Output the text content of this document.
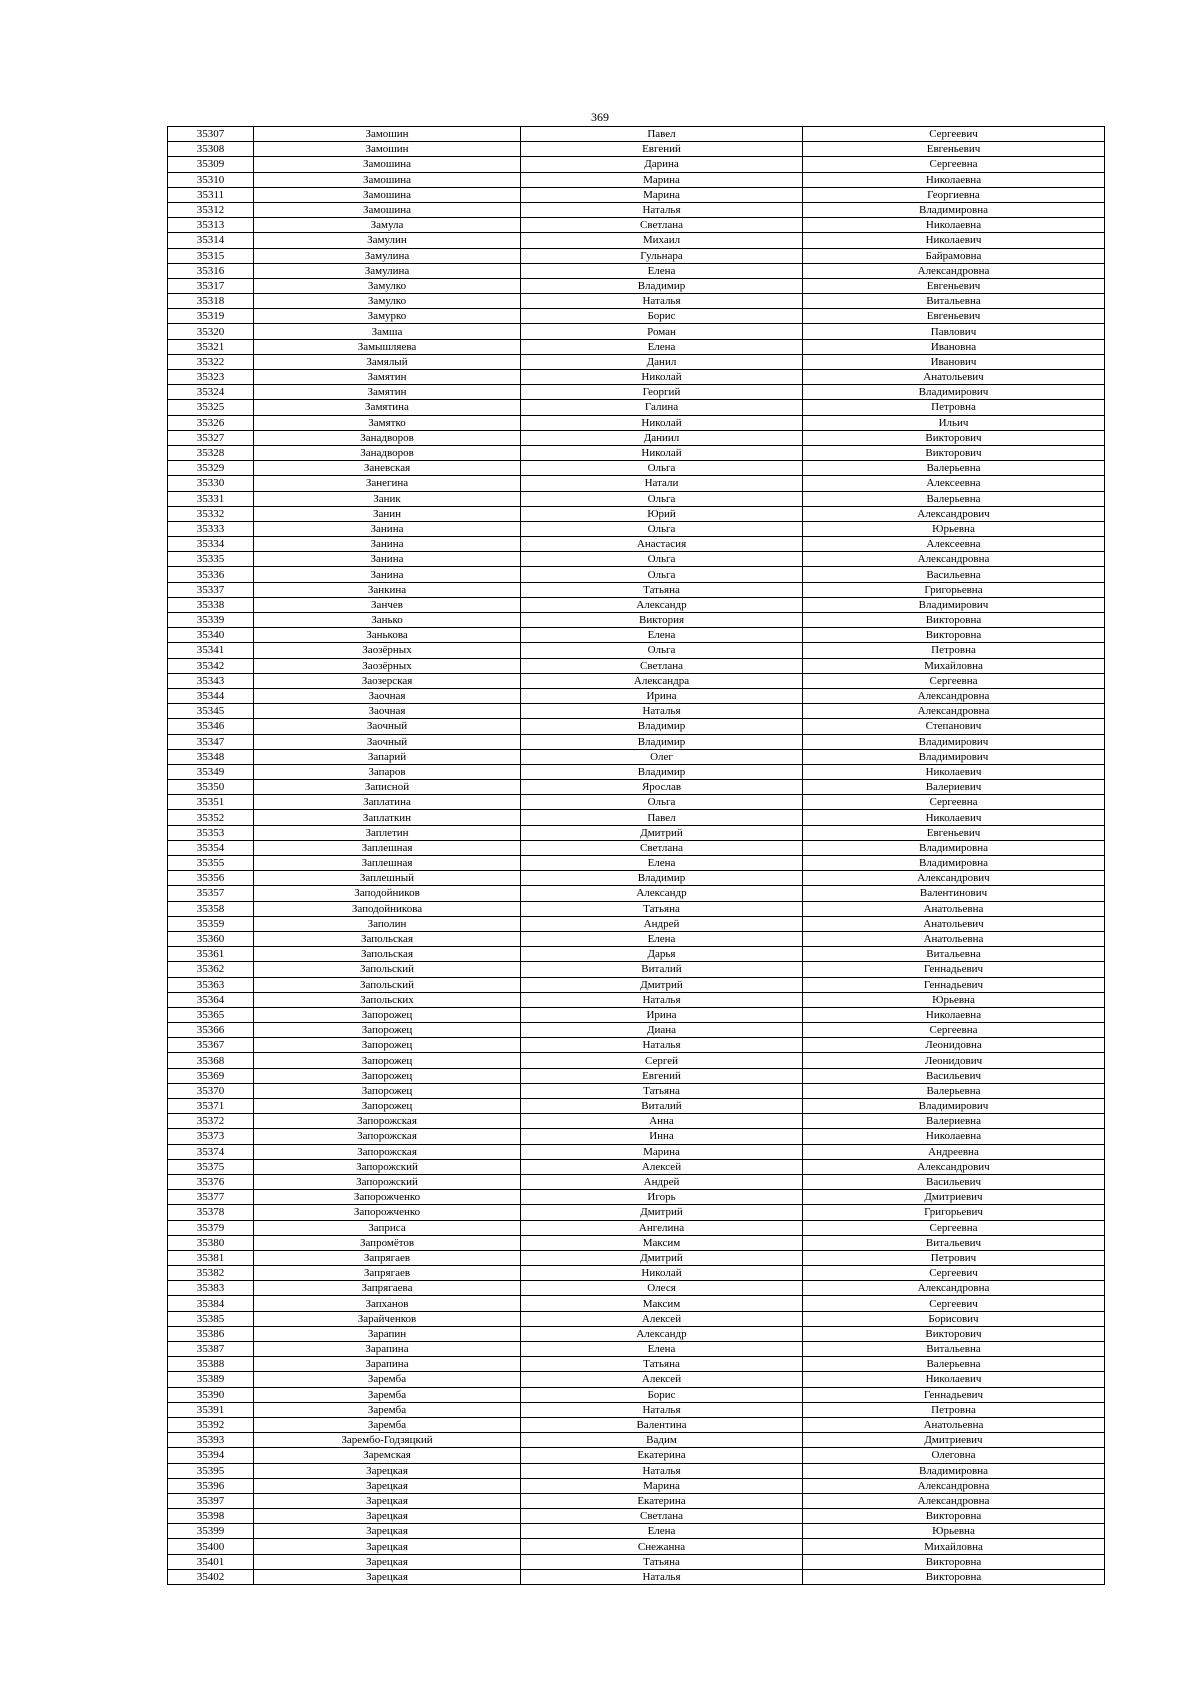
369
35307	Замошин	Павел	Сергеевич
35308	Замошин	Евгений	Евгеньевич
35309	Замошина	Дарина	Сергеевна
35310	Замошина	Марина	Николаевна
35311	Замошина	Марина	Георгиевна
35312	Замошина	Наталья	Владимировна
35313	Замула	Светлана	Николаевна
35314	Замулин	Михаил	Николаевич
35315	Замулина	Гульнара	Байрамовна
35316	Замулина	Елена	Александровна
35317	Замулко	Владимир	Евгеньевич
35318	Замулко	Наталья	Витальевна
35319	Замурко	Борис	Евгеньевич
35320	Замша	Роман	Павлович
35321	Замышляева	Елена	Ивановна
35322	Замялый	Данил	Иванович
35323	Замятин	Николай	Анатольевич
35324	Замятин	Георгий	Владимирович
35325	Замятина	Галина	Петровна
35326	Замятко	Николай	Ильич
35327	Занадворов	Даниил	Викторович
35328	Занадворов	Николай	Викторович
35329	Заневская	Ольга	Валерьевна
35330	Занегина	Натали	Алексеевна
35331	Заник	Ольга	Валерьевна
35332	Занин	Юрий	Александрович
35333	Занина	Ольга	Юрьевна
35334	Занина	Анастасия	Алексеевна
35335	Занина	Ольга	Александровна
35336	Занина	Ольга	Васильевна
35337	Занкина	Татьяна	Григорьевна
35338	Занчев	Александр	Владимирович
35339	Занько	Виктория	Викторовна
35340	Занькова	Елена	Викторовна
35341	Заозёрных	Ольга	Петровна
35342	Заозёрных	Светлана	Михайловна
35343	Заозерская	Александра	Сергеевна
35344	Заочная	Ирина	Александровна
35345	Заочная	Наталья	Александровна
35346	Заочный	Владимир	Степанович
35347	Заочный	Владимир	Владимирович
35348	Запарий	Олег	Владимирович
35349	Запаров	Владимир	Николаевич
35350	Записной	Ярослав	Валериевич
35351	Заплатина	Ольга	Сергеевна
35352	Заплаткин	Павел	Николаевич
35353	Заплетин	Дмитрий	Евгеньевич
35354	Заплешная	Светлана	Владимировна
35355	Заплешная	Елена	Владимировна
35356	Заплешный	Владимир	Александрович
35357	Заподойников	Александр	Валентинович
35358	Заподойникова	Татьяна	Анатольевна
35359	Заполин	Андрей	Анатольевич
35360	Запольская	Елена	Анатольевна
35361	Запольская	Дарья	Витальевна
35362	Запольский	Виталий	Геннадьевич
35363	Запольский	Дмитрий	Геннадьевич
35364	Запольских	Наталья	Юрьевна
35365	Запорожец	Ирина	Николаевна
35366	Запорожец	Диана	Сергеевна
35367	Запорожец	Наталья	Леонидовна
35368	Запорожец	Сергей	Леонидович
35369	Запорожец	Евгений	Васильевич
35370	Запорожец	Татьяна	Валерьевна
35371	Запорожец	Виталий	Владимирович
35372	Запорожская	Анна	Валериевна
35373	Запорожская	Инна	Николаевна
35374	Запорожская	Марина	Андреевна
35375	Запорожский	Алексей	Александрович
35376	Запорожский	Андрей	Васильевич
35377	Запорожченко	Игорь	Дмитриевич
35378	Запорожченко	Дмитрий	Григорьевич
35379	Заприса	Ангелина	Сергеевна
35380	Запромётов	Максим	Витальевич
35381	Запрягаев	Дмитрий	Петрович
35382	Запрягаев	Николай	Сергеевич
35383	Запрягаева	Олеся	Александровна
35384	Запханов	Максим	Сергеевич
35385	Зарайченков	Алексей	Борисович
35386	Зарапин	Александр	Викторович
35387	Зарапина	Елена	Витальевна
35388	Зарапина	Татьяна	Валерьевна
35389	Заремба	Алексей	Николаевич
35390	Заремба	Борис	Геннадьевич
35391	Заремба	Наталья	Петровна
35392	Заремба	Валентина	Анатольевна
35393	Зарембо-Годзяцкий	Вадим	Дмитриевич
35394	Заремская	Екатерина	Олеговна
35395	Зарецкая	Наталья	Владимировна
35396	Зарецкая	Марина	Александровна
35397	Зарецкая	Екатерина	Александровна
35398	Зарецкая	Светлана	Викторовна
35399	Зарецкая	Елена	Юрьевна
35400	Зарецкая	Снежанна	Михайловна
35401	Зарецкая	Татьяна	Викторовна
35402	Зарецкая	Наталья	Викторовна
